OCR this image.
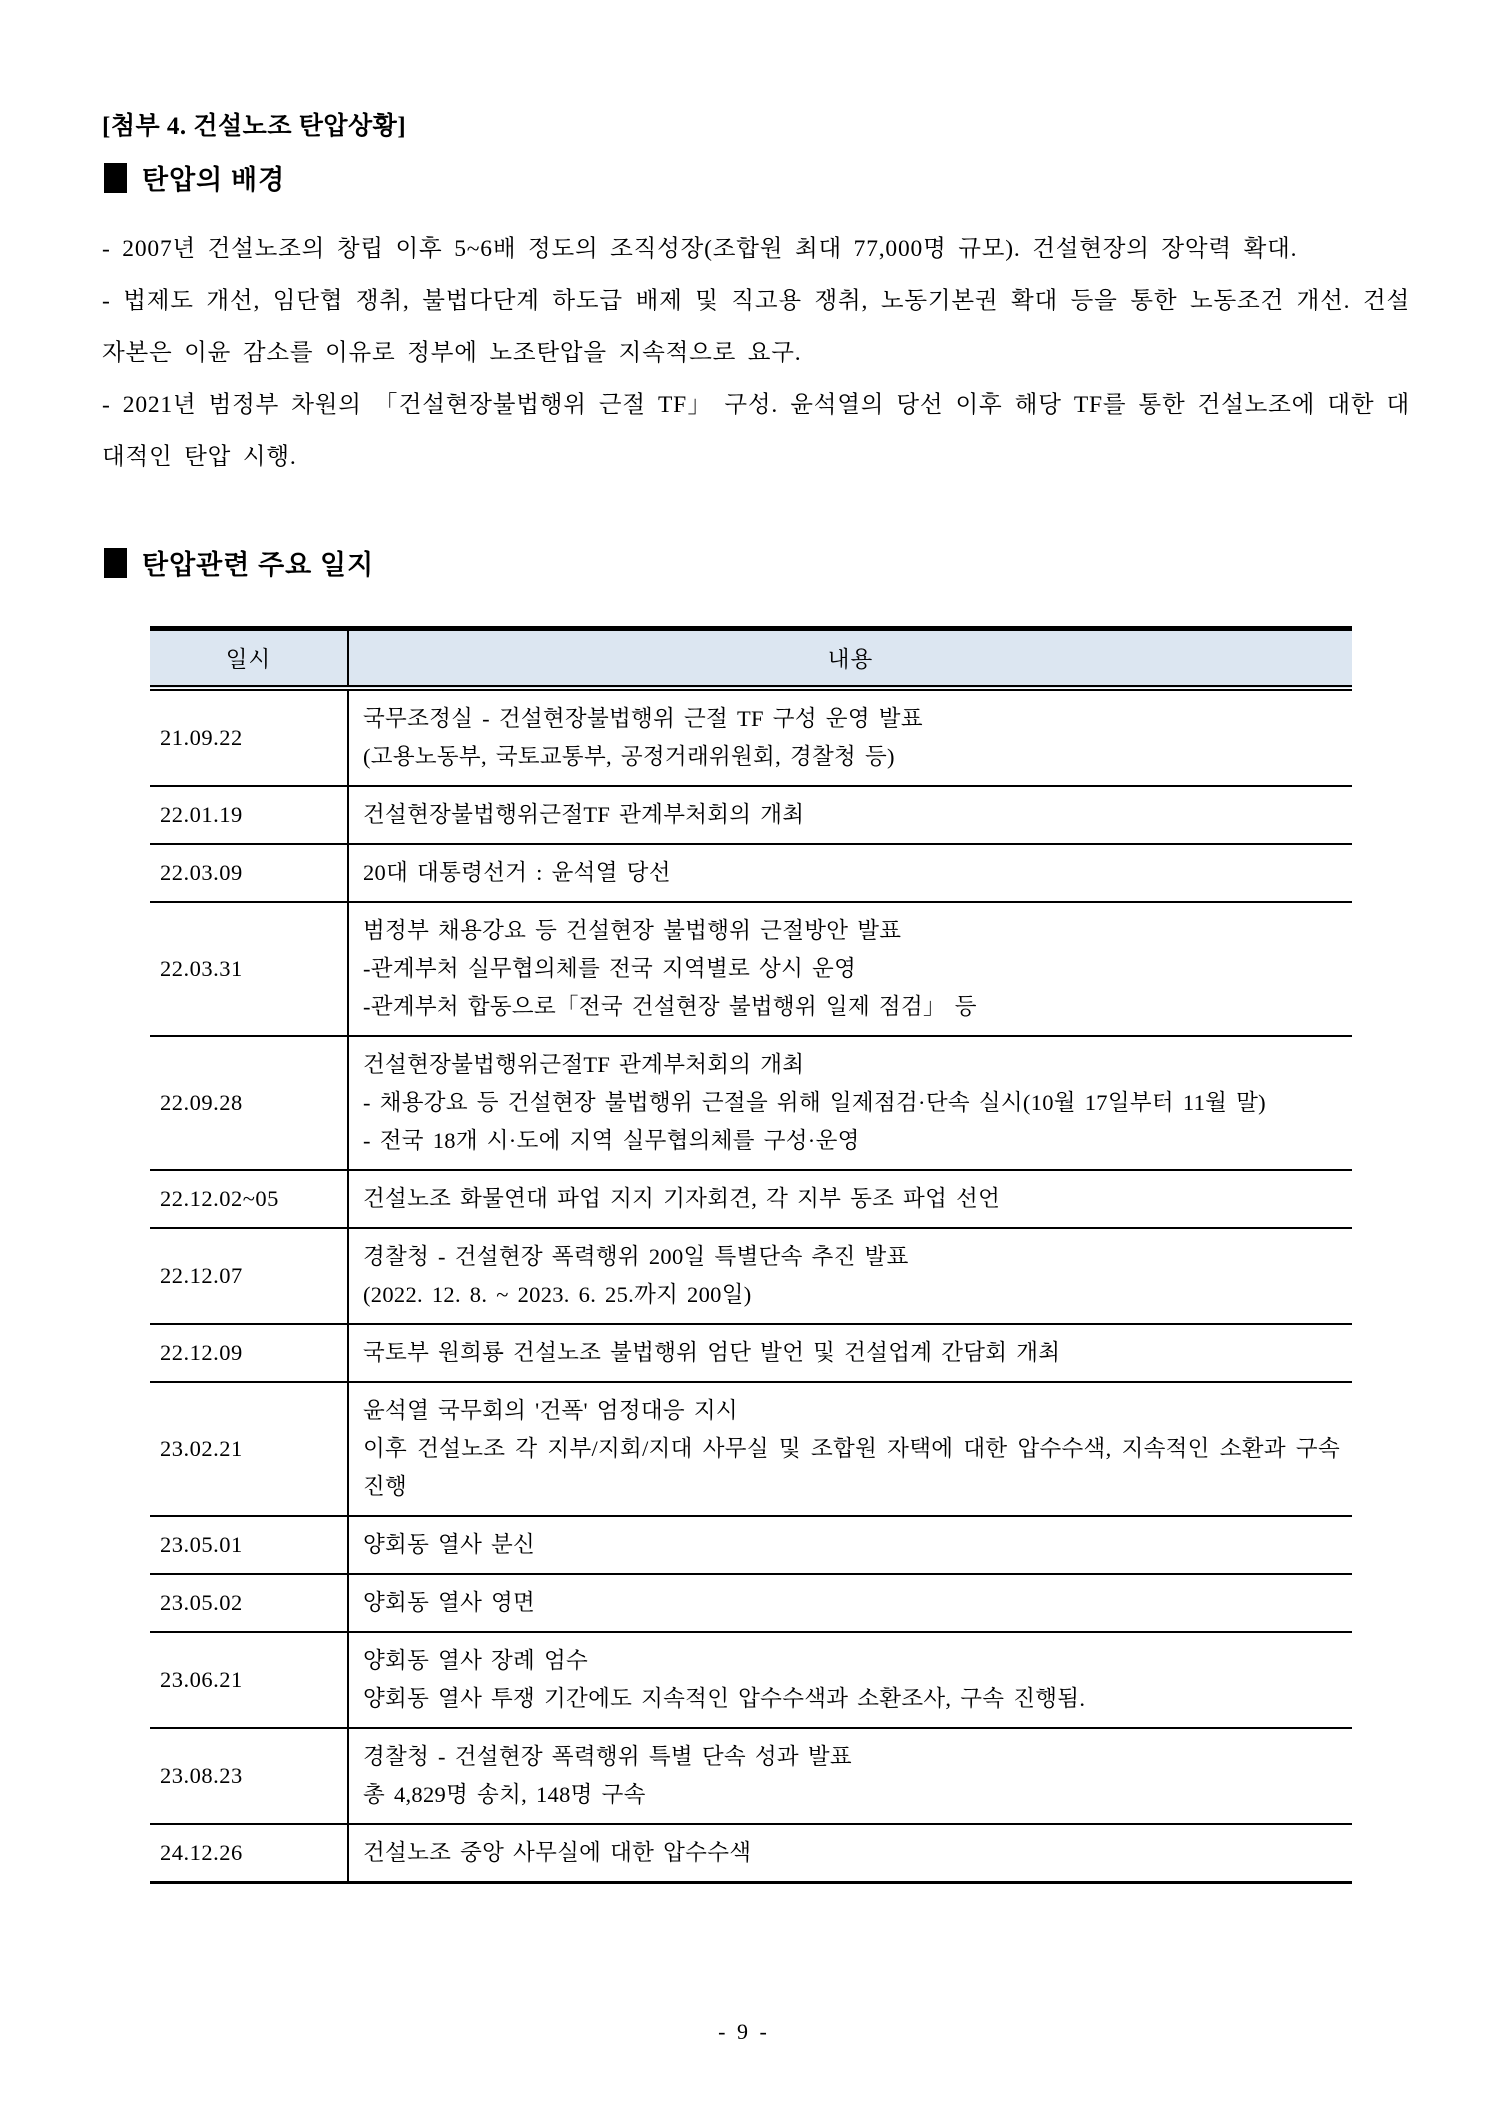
[첨부 4. 건설노조 탄압상황]
탄압의 배경

- 2007년 건설노조의 창립 이후 5~6배 정도의 조직성장(조합원 최대 77,000명 규모). 건설현장의 장악력 확대.

- 법제도 개선, 임단협 쟁취, 불법다단계 하도급 배제 및 직고용 쟁취, 노동기본권 확대 등을 통한 노동조건 개선. 건설자본은 이윤 감소를 이유로 정부에 노조탄압을 지속적으로 요구.

- 2021년 범정부 차원의 「건설현장불법행위 근절 TF」 구성. 윤석열의 당선 이후 해당 TF를 통한 건설노조에 대한 대대적인 탄압 시행.

탄압관련 주요 일지
일시	내용
21.09.22	국무조정실 - 건설현장불법행위 근절 TF 구성 운영 발표

(고용노동부, 국토교통부, 공정거래위원회, 경찰청 등)

22.01.19	건설현장불법행위근절TF 관계부처회의 개최

22.03.09	20대 대통령선거 : 윤석열 당선

22.03.31	범정부 채용강요 등 건설현장 불법행위 근절방안 발표

-관계부처 실무협의체를 전국 지역별로 상시 운영

-관계부처 합동으로「전국 건설현장 불법행위 일제 점검」 등

22.09.28	건설현장불법행위근절TF 관계부처회의 개최

- 채용강요 등 건설현장 불법행위 근절을 위해 일제점검·단속 실시(10월 17일부터 11월 말)

- 전국 18개 시·도에 지역 실무협의체를 구성·운영

22.12.02~05	건설노조 화물연대 파업 지지 기자회견, 각 지부 동조 파업 선언

22.12.07	경찰청 - 건설현장 폭력행위 200일 특별단속 추진 발표

(2022. 12. 8. ~ 2023. 6. 25.까지 200일)

22.12.09	국토부 원희룡 건설노조 불법행위 엄단 발언 및 건설업계 간담회 개최

23.02.21	윤석열 국무회의 '건폭' 엄정대응 지시

이후 건설노조 각 지부/지회/지대 사무실 및 조합원 자택에 대한 압수수색, 지속적인 소환과 구속 진행

23.05.01	양회동 열사 분신

23.05.02	양회동 열사 영면

23.06.21	양회동 열사 장례 엄수

양회동 열사 투쟁 기간에도 지속적인 압수수색과 소환조사, 구속 진행됨.

23.08.23	경찰청 - 건설현장 폭력행위 특별 단속 성과 발표

총 4,829명 송치, 148명 구속

24.12.26	건설노조 중앙 사무실에 대한 압수수색

- 9 -
